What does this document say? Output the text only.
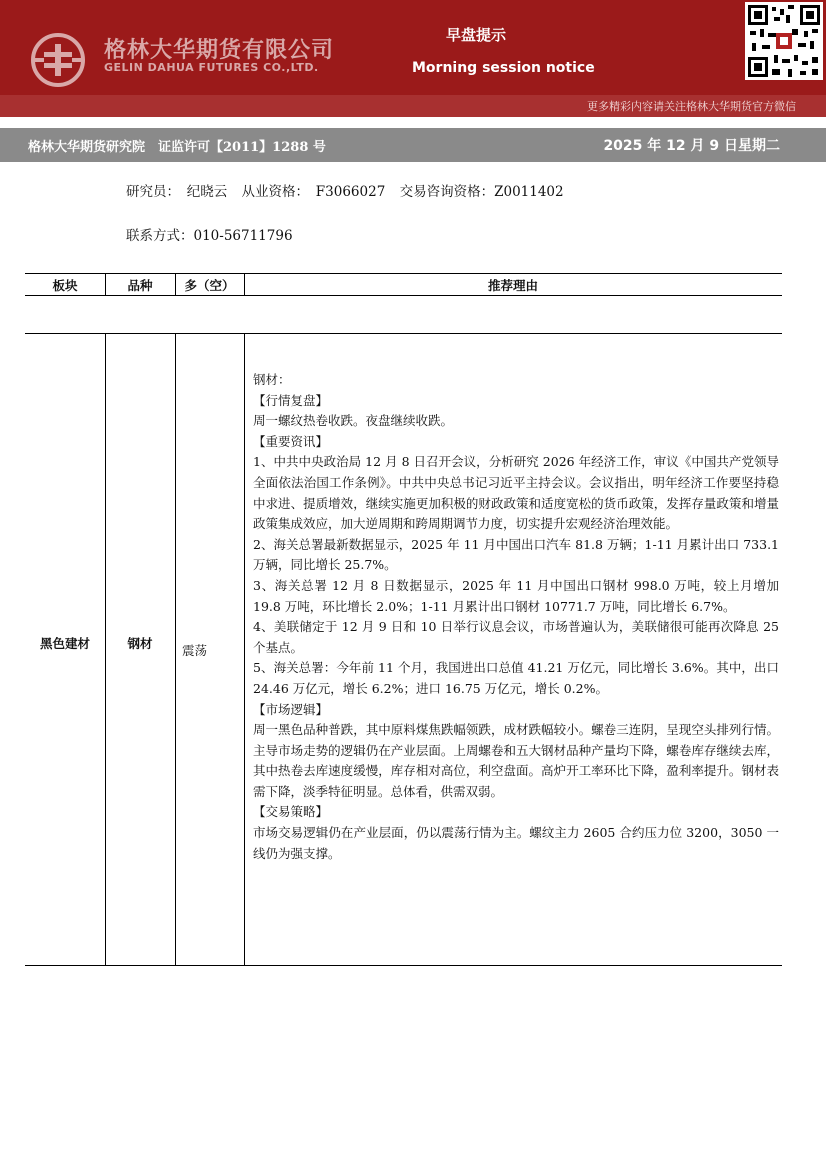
格林大华期货有限公司
GELIN DAHUA FUTURES CO.,LTD.
早盘提示
Morning session notice
更多精彩内容请关注格林大华期货官方微信
格林大华期货研究院　证监许可【2011】1288 号	2025 年 12 月 9 日星期二
研究员：　纪晓云 从业资格：　F3066027 交易咨询资格：Z0011402
联系方式：010-56711796
板块	品种	多（空）	推荐理由
黑色建材	钢材	震荡

钢材：

【行情复盘】

周一螺纹热卷收跌。夜盘继续收跌。

【重要资讯】

1、中共中央政治局 12 月 8 日召开会议，分析研究 2026 年经济工作，审议《中国共产党领导全面依法治国工作条例》。中共中央总书记习近平主持会议。会议指出，明年经济工作要坚持稳中求进、提质增效，继续实施更加积极的财政政策和适度宽松的货币政策，发挥存量政策和增量政策集成效应，加大逆周期和跨周期调节力度，切实提升宏观经济治理效能。

2、海关总署最新数据显示，2025 年 11 月中国出口汽车 81.8 万辆；1-11 月累计出口 733.1 万辆，同比增长 25.7%。

3、海关总署 12 月 8 日数据显示，2025 年 11 月中国出口钢材 998.0 万吨，较上月增加 19.8 万吨，环比增长 2.0%；1-11 月累计出口钢材 10771.7 万吨，同比增长 6.7%。

4、美联储定于 12 月 9 日和 10 日举行议息会议，市场普遍认为，美联储很可能再次降息 25 个基点。

5、海关总署：今年前 11 个月，我国进出口总值 41.21 万亿元，同比增长 3.6%。其中，出口 24.46 万亿元，增长 6.2%；进口 16.75 万亿元，增长 0.2%。

【市场逻辑】

周一黑色品种普跌，其中原料煤焦跌幅领跌，成材跌幅较小。螺卷三连阴，呈现空头排列行情。主导市场走势的逻辑仍在产业层面。上周螺卷和五大钢材品种产量均下降，螺卷库存继续去库，其中热卷去库速度缓慢，库存相对高位，利空盘面。高炉开工率环比下降，盈利率提升。钢材表需下降，淡季特征明显。总体看，供需双弱。

【交易策略】

市场交易逻辑仍在产业层面，仍以震荡行情为主。螺纹主力 2605 合约压力位 3200，3050 一线仍为强支撑。
